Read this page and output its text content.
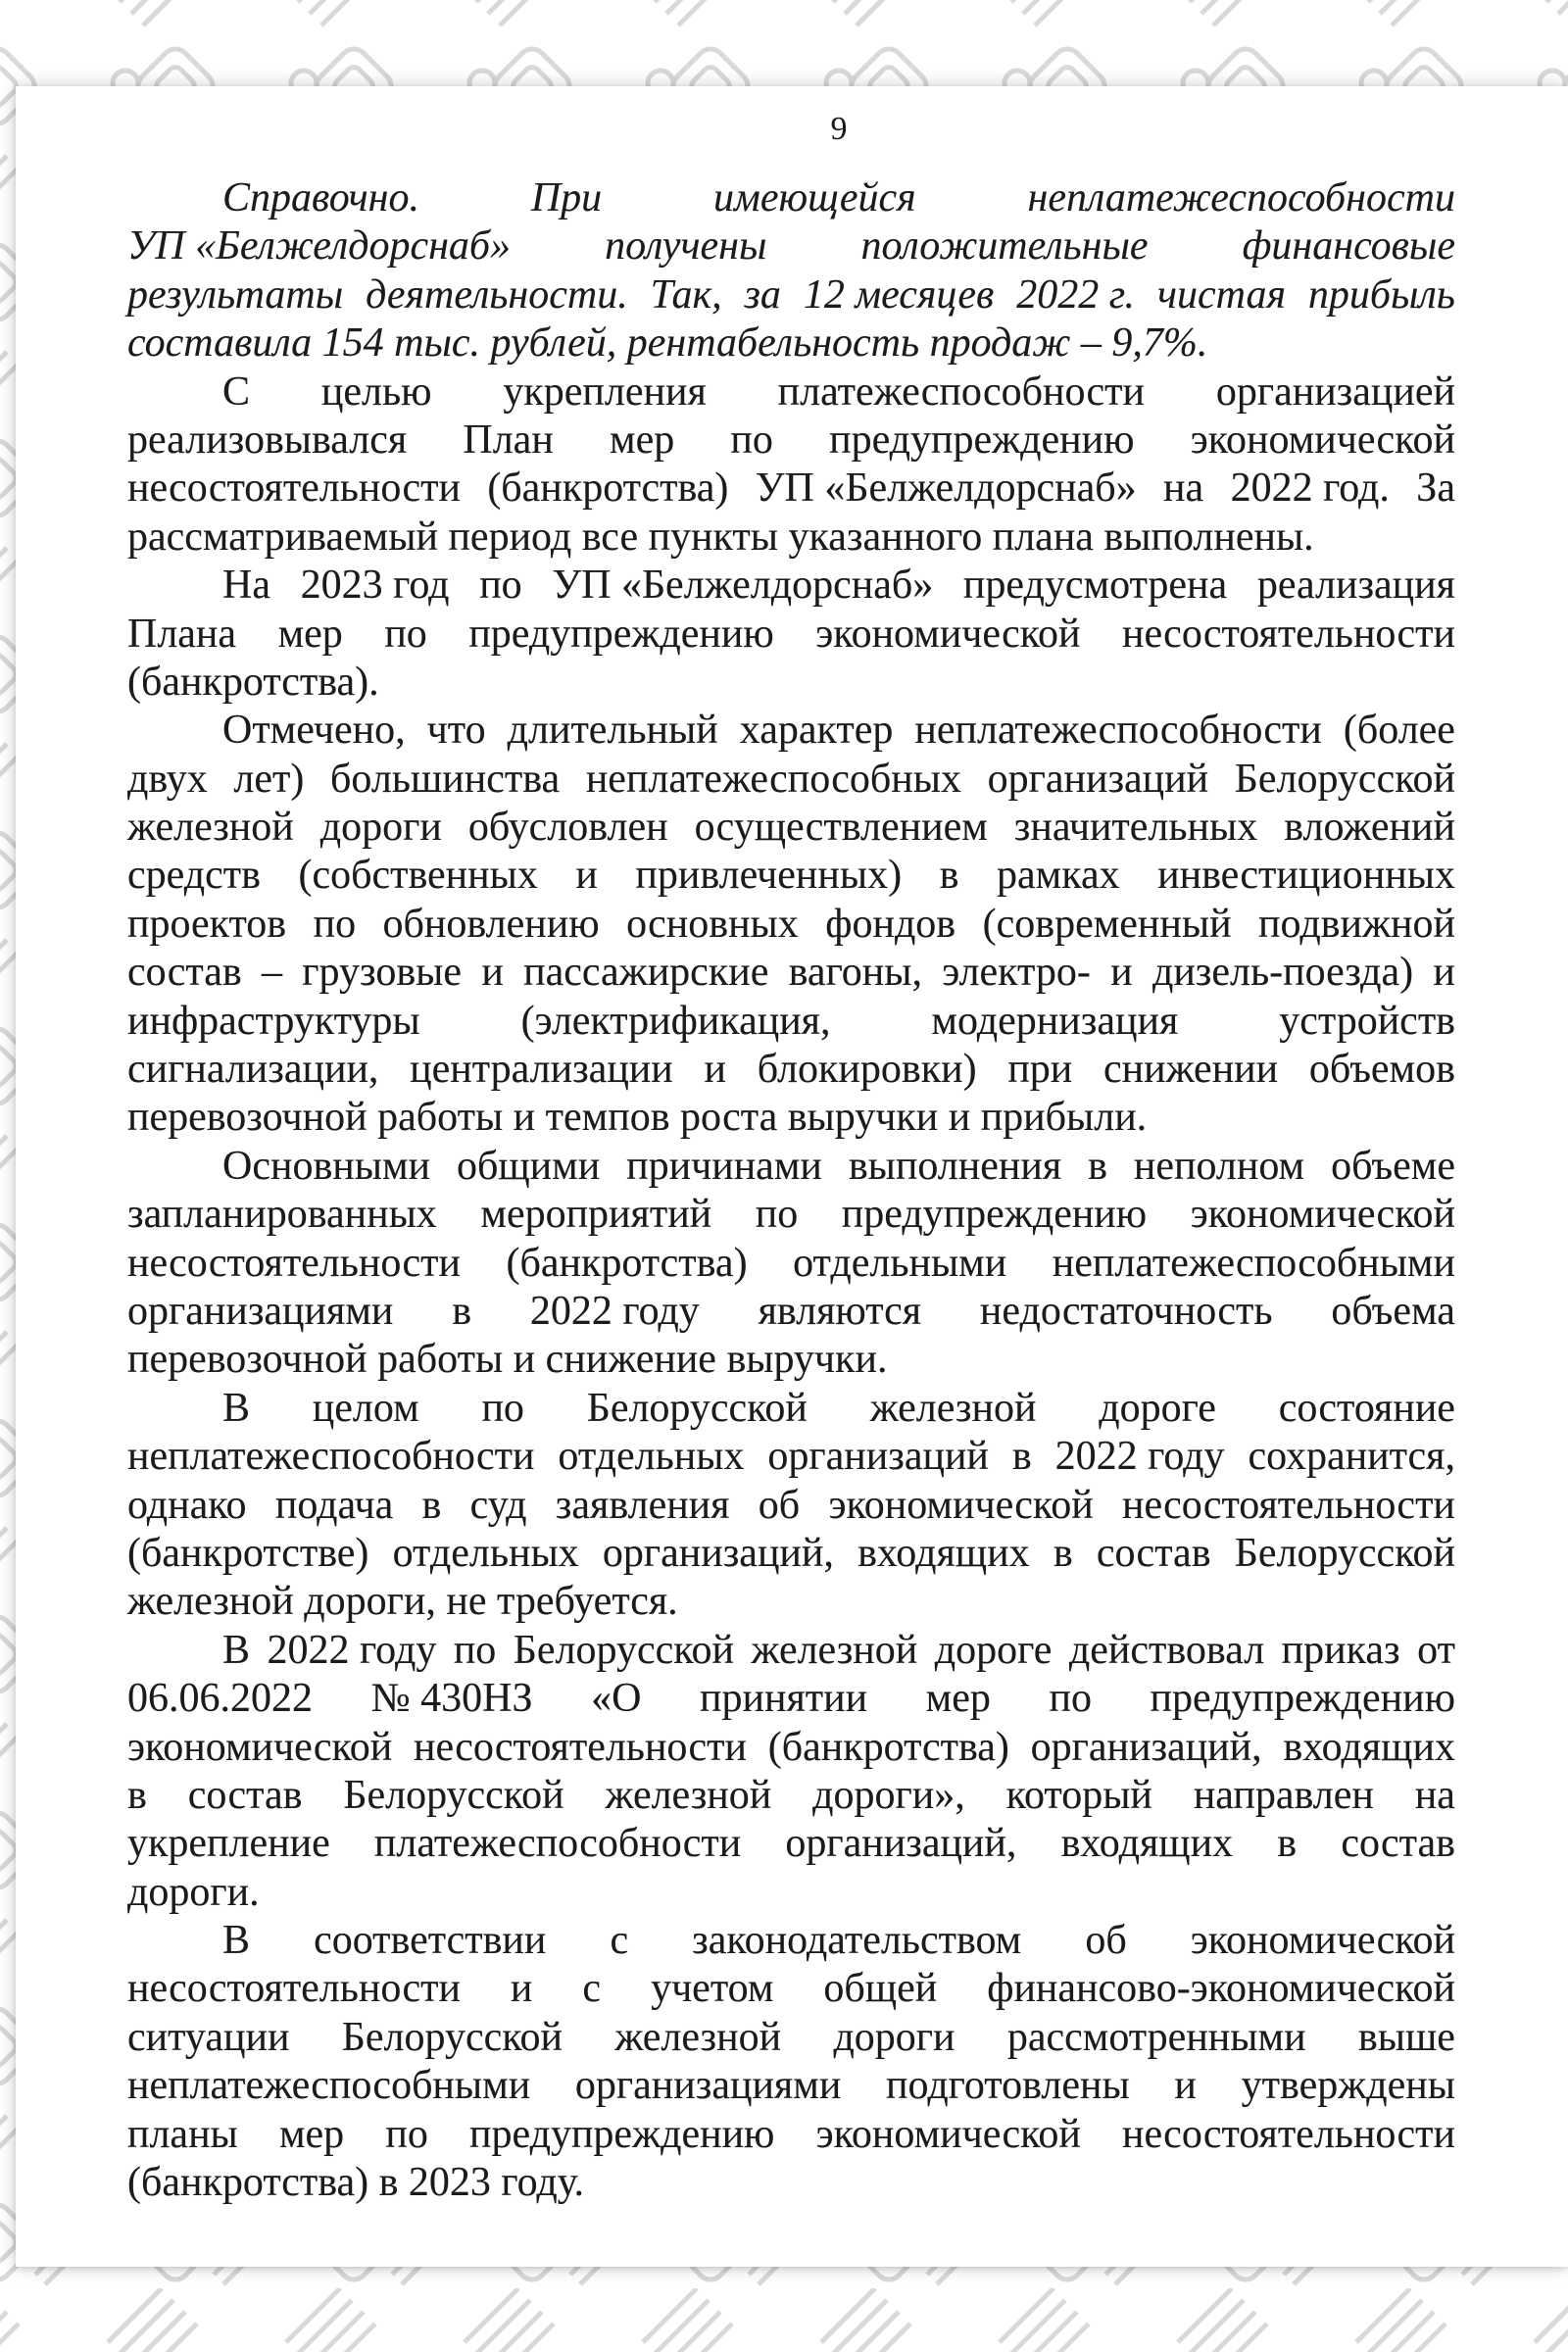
9
Справочно.	При	имеющейся	неплатежеспособности
УП «Белжелдорснаб» получены положительные финансовые
результаты деятельности. Так, за 12 месяцев 2022 г. чистая прибыль
составила 154 тыс. рублей, рентабельность продаж – 9,7%.
С целью укрепления платежеспособности организацией
реализовывался План мер по предупреждению экономической
несостоятельности (банкротства) УП «Белжелдорснаб» на 2022 год. За
рассматриваемый период все пункты указанного плана выполнены.
На 2023 год по УП «Белжелдорснаб» предусмотрена реализация
Плана мер по предупреждению экономической несостоятельности
(банкротства).
Отмечено, что длительный характер неплатежеспособности (более
двух лет) большинства неплатежеспособных организаций Белорусской
железной дороги обусловлен осуществлением значительных вложений
средств (собственных и привлеченных) в рамках инвестиционных
проектов по обновлению основных фондов (современный подвижной
состав – грузовые и пассажирские вагоны, электро- и дизель-поезда) и
инфраструктуры (электрификация, модернизация устройств
сигнализации, централизации и блокировки) при снижении объемов
перевозочной работы и темпов роста выручки и прибыли.
Основными общими причинами выполнения в неполном объеме
запланированных мероприятий по предупреждению экономической
несостоятельности (банкротства) отдельными неплатежеспособными
организациями в 2022 году являются недостаточность объема
перевозочной работы и снижение выручки.
В целом по Белорусской железной дороге состояние
неплатежеспособности отдельных организаций в 2022 году сохранится,
однако подача в суд заявления об экономической несостоятельности
(банкротстве) отдельных организаций, входящих в состав Белорусской
железной дороги, не требуется.
В 2022 году по Белорусской железной дороге действовал приказ от
06.06.2022 № 430НЗ «О принятии мер по предупреждению
экономической несостоятельности (банкротства) организаций, входящих
в состав Белорусской железной дороги», который направлен на
укрепление платежеспособности организаций, входящих в состав
дороги.
В соответствии с законодательством об экономической
несостоятельности и с учетом общей финансово-экономической
ситуации Белорусской железной дороги рассмотренными выше
неплатежеспособными организациями подготовлены и утверждены
планы мер по предупреждению экономической несостоятельности
(банкротства) в 2023 году.
